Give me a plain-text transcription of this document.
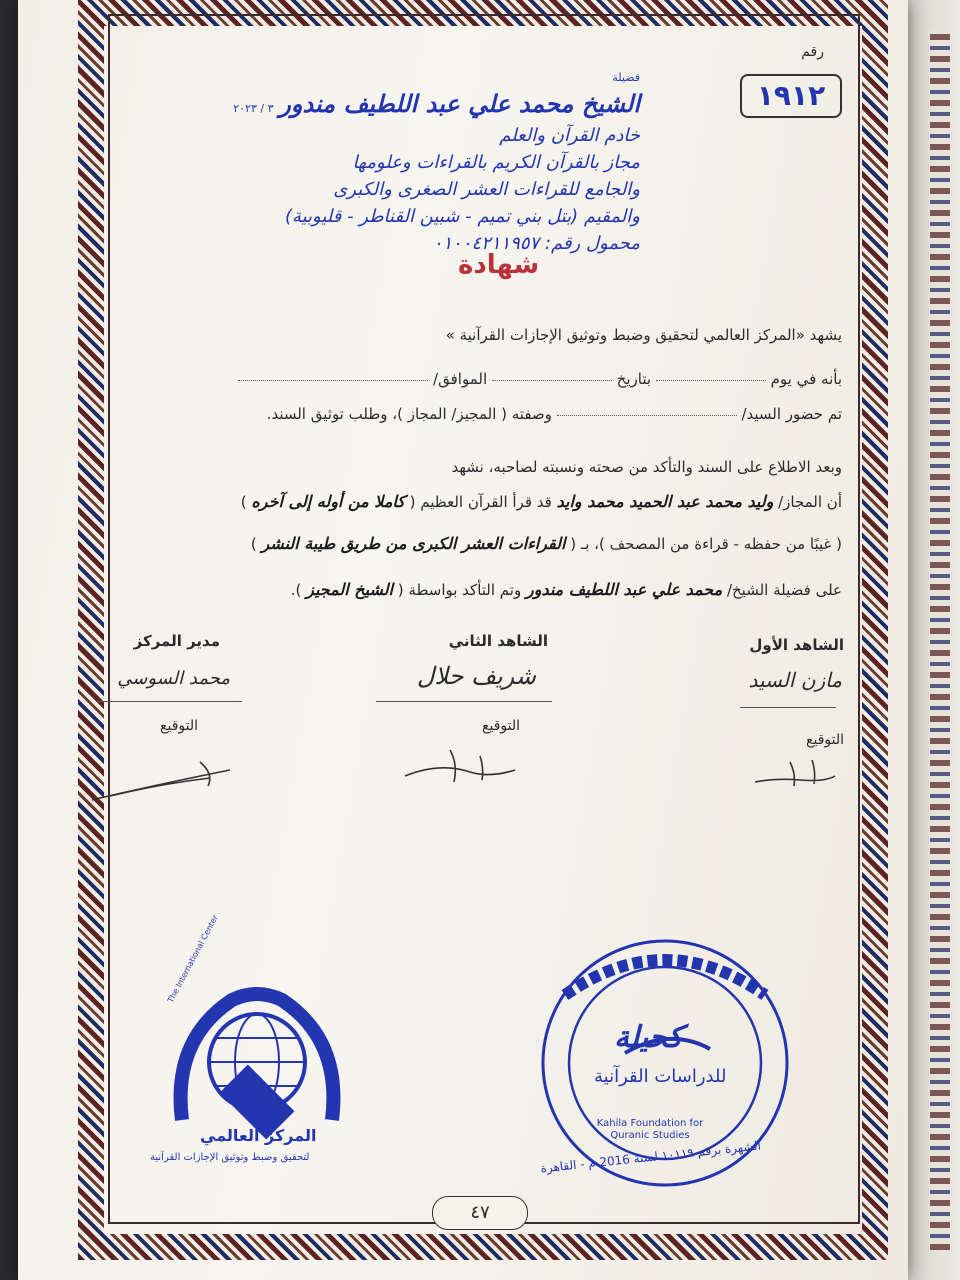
رقم
١٩١٢
فضيلة
الشيخ محمد علي عبد اللطيف مندور ٣ / ٢٠٢٣
خادم القرآن والعلم
مجاز بالقرآن الكريم بالقراءات وعلومها
والجامع للقراءات العشر الصغرى والكبرى
والمقيم (بتل بني تميم - شبين القناطر - قليوبية)
محمول رقم: ٠١٠٠٤٢١١٩٥٧
شهادة
يشهد «المركز العالمي لتحقيق وضبط وتوثيق الإجازات القرآنية »
بأنه في يوم  بتاريخ  الموافق/
تم حضور السيد/  وصفته ( المجيز/ المجاز )، وطلب توثيق السند.
وبعد الاطلاع على السند والتأكد من صحته ونسبته لصاحبه، نشهد
أن المجاز/ وليد محمد عبد الحميد محمد وايد قد قرأ القرآن العظيم ( كاملا من أوله إلى آخره )
( غيبًا من حفظه - قراءة من المصحف )، بـ ( القراءات العشر الكبرى من طريق طيبة النشر )
على فضيلة الشيخ/ محمد علي عبد اللطيف مندور وتم التأكد بواسطة ( الشيخ المجيز ).
الشاهد الأول
الشاهد الثاني
مدير المركز
مازن السيد
شريف حلال
محمد السوسي
التوقيع
التوقيع
التوقيع
المركز العالمي
لتحقيق وضبط وتوثيق الإجازات القرآنية
The International Center
كحيلة
للدراسات القرآنية
Kahila Foundation for Quranic Studies
الشهرة برقم ١٠١١٩ لسنة 2016 م - القاهرة
٤٧
